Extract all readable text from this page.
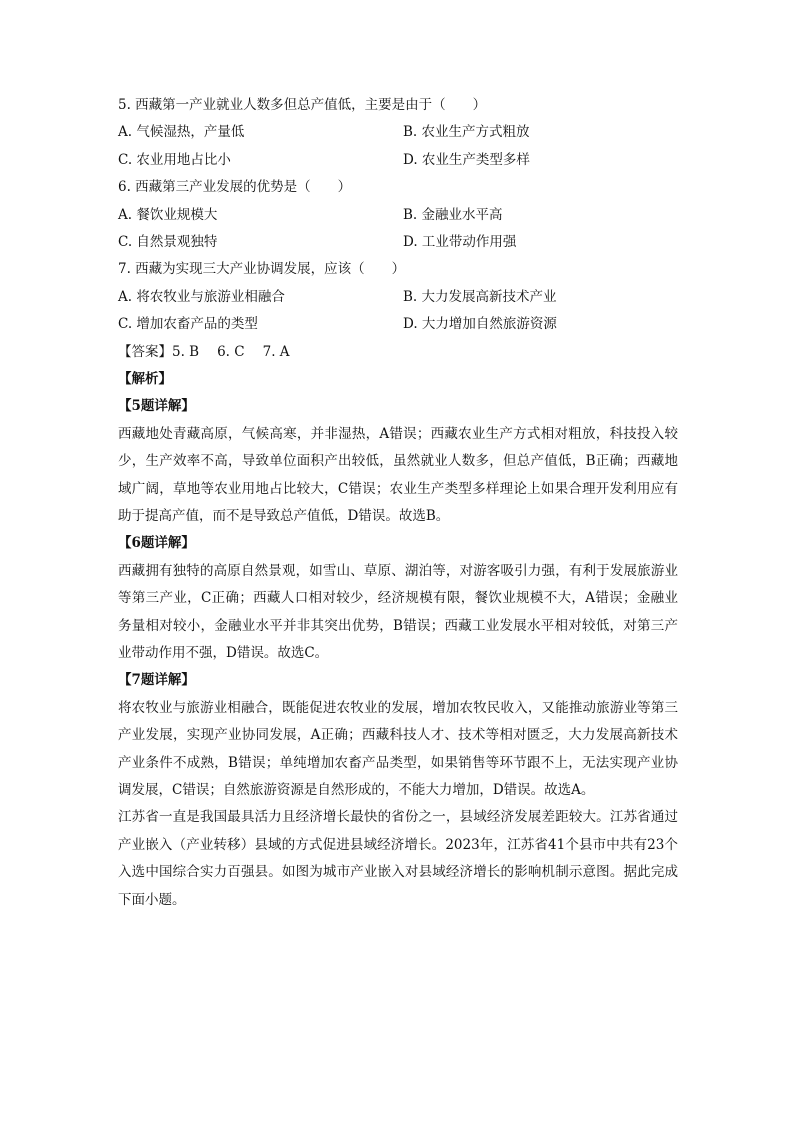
5. 西藏第一产业就业人数多但总产值低，主要是由于（　　）
A. 气候湿热，产量低	B. 农业生产方式粗放
C. 农业用地占比小	D. 农业生产类型多样
6. 西藏第三产业发展的优势是（　　）
A. 餐饮业规模大	B. 金融业水平高
C. 自然景观独特	D. 工业带动作用强
7. 西藏为实现三大产业协调发展，应该（　　）
A. 将农牧业与旅游业相融合	B. 大力发展高新技术产业
C. 增加农畜产品的类型	D. 大力增加自然旅游资源
【答案】5. B 6. C 7. A
【解析】
【5题详解】

西藏地处青藏高原，气候高寒，并非湿热，A错误；西藏农业生产方式相对粗放，科技投入较少，生产效率不高，导致单位面积产出较低，虽然就业人数多，但总产值低，B正确；西藏地域广阔，草地等农业用地占比较大，C错误；农业生产类型多样理论上如果合理开发利用应有助于提高产值，而不是导致总产值低，D错误。故选B。

【6题详解】

西藏拥有独特的高原自然景观，如雪山、草原、湖泊等，对游客吸引力强，有利于发展旅游业等第三产业，C正确；西藏人口相对较少，经济规模有限，餐饮业规模不大，A错误；金融业务量相对较小，金融业水平并非其突出优势，B错误；西藏工业发展水平相对较低，对第三产业带动作用不强，D错误。故选C。

【7题详解】

将农牧业与旅游业相融合，既能促进农牧业的发展，增加农牧民收入，又能推动旅游业等第三产业发展，实现产业协同发展，A正确；西藏科技人才、技术等相对匮乏，大力发展高新技术产业条件不成熟，B错误；单纯增加农畜产品类型，如果销售等环节跟不上，无法实现产业协调发展，C错误；自然旅游资源是自然形成的，不能大力增加，D错误。故选A。

江苏省一直是我国最具活力且经济增长最快的省份之一，县域经济发展差距较大。江苏省通过产业嵌入（产业转移）县域的方式促进县域经济增长。2023年，江苏省41个县市中共有23个入选中国综合实力百强县。如图为城市产业嵌入对县域经济增长的影响机制示意图。据此完成下面小题。
